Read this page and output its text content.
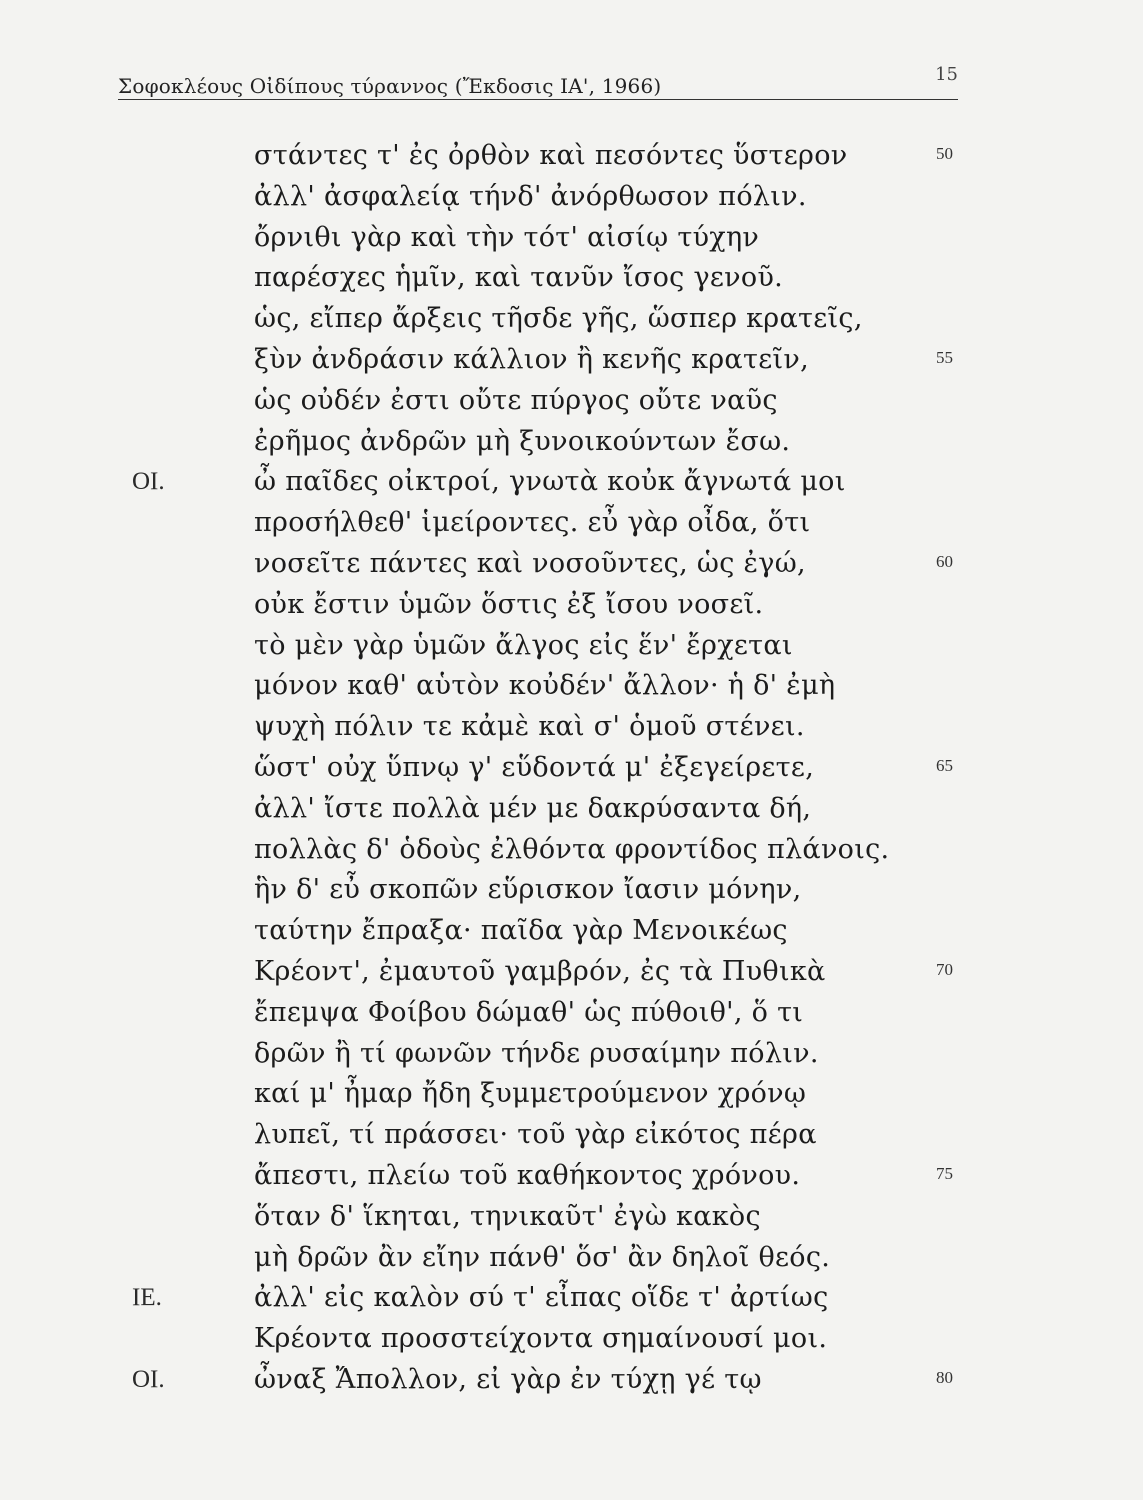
Σοφοκλέους Οἰδίπους τύραννος (Ἔκδοσις ΙΑ', 1966)	15
στάντες τ' ἐς ὀρθὸν καὶ πεσόντες ὕστερον	50
ἀλλ' ἀσφαλείᾳ τήνδ' ἀνόρθωσον πόλιν.
ὄρνιθι γὰρ καὶ τὴν τότ' αἰσίῳ τύχην
παρέσχες ἡμῖν, καὶ τανῦν ἴσος γενοῦ.
ὡς, εἴπερ ἄρξεις τῆσδε γῆς, ὥσπερ κρατεῖς,
ξὺν ἀνδράσιν κάλλιον ἢ κενῆς κρατεῖν,	55
ὡς οὐδέν ἐστι οὔτε πύργος οὔτε ναῦς
ἐρῆμος ἀνδρῶν μὴ ξυνοικούντων ἔσω.
ΟΙ.	ὦ παῖδες οἰκτροί, γνωτὰ κοὐκ ἄγνωτά μοι
προσήλθεθ' ἱμείροντες. εὖ γὰρ οἶδα, ὅτι
νοσεῖτε πάντες καὶ νοσοῦντες, ὡς ἐγώ,	60
οὐκ ἔστιν ὑμῶν ὅστις ἐξ ἴσου νοσεῖ.
τὸ μὲν γὰρ ὑμῶν ἄλγος εἰς ἕν' ἔρχεται
μόνον καθ' αὑτὸν κοὐδέν' ἄλλον· ἡ δ' ἐμὴ
ψυχὴ πόλιν τε κἀμὲ καὶ σ' ὁμοῦ στένει.
ὥστ' οὐχ ὕπνῳ γ' εὕδοντά μ' ἐξεγείρετε,	65
ἀλλ' ἴστε πολλὰ μέν με δακρύσαντα δή,
πολλὰς δ' ὁδοὺς ἐλθόντα φροντίδος πλάνοις.
ἣν δ' εὖ σκοπῶν εὕρισκον ἴασιν μόνην,
ταύτην ἔπραξα· παῖδα γὰρ Μενοικέως
Κρέοντ', ἐμαυτοῦ γαμβρόν, ἐς τὰ Πυθικὰ	70
ἔπεμψα Φοίβου δώμαθ' ὡς πύθοιθ', ὅ τι
δρῶν ἢ τί φωνῶν τήνδε ρυσαίμην πόλιν.
καί μ' ἦμαρ ἤδη ξυμμετρούμενον χρόνῳ
λυπεῖ, τί πράσσει· τοῦ γὰρ εἰκότος πέρα
ἄπεστι, πλείω τοῦ καθήκοντος χρόνου.	75
ὅταν δ' ἵκηται, τηνικαῦτ' ἐγὼ κακὸς
μὴ δρῶν ἂν εἴην πάνθ' ὅσ' ἂν δηλοῖ θεός.
ΙΕ.	ἀλλ' εἰς καλὸν σύ τ' εἶπας οἵδε τ' ἀρτίως
Κρέοντα προσστείχοντα σημαίνουσί μοι.
ΟΙ.	ὦναξ Ἄπολλον, εἰ γὰρ ἐν τύχῃ γέ τῳ	80
